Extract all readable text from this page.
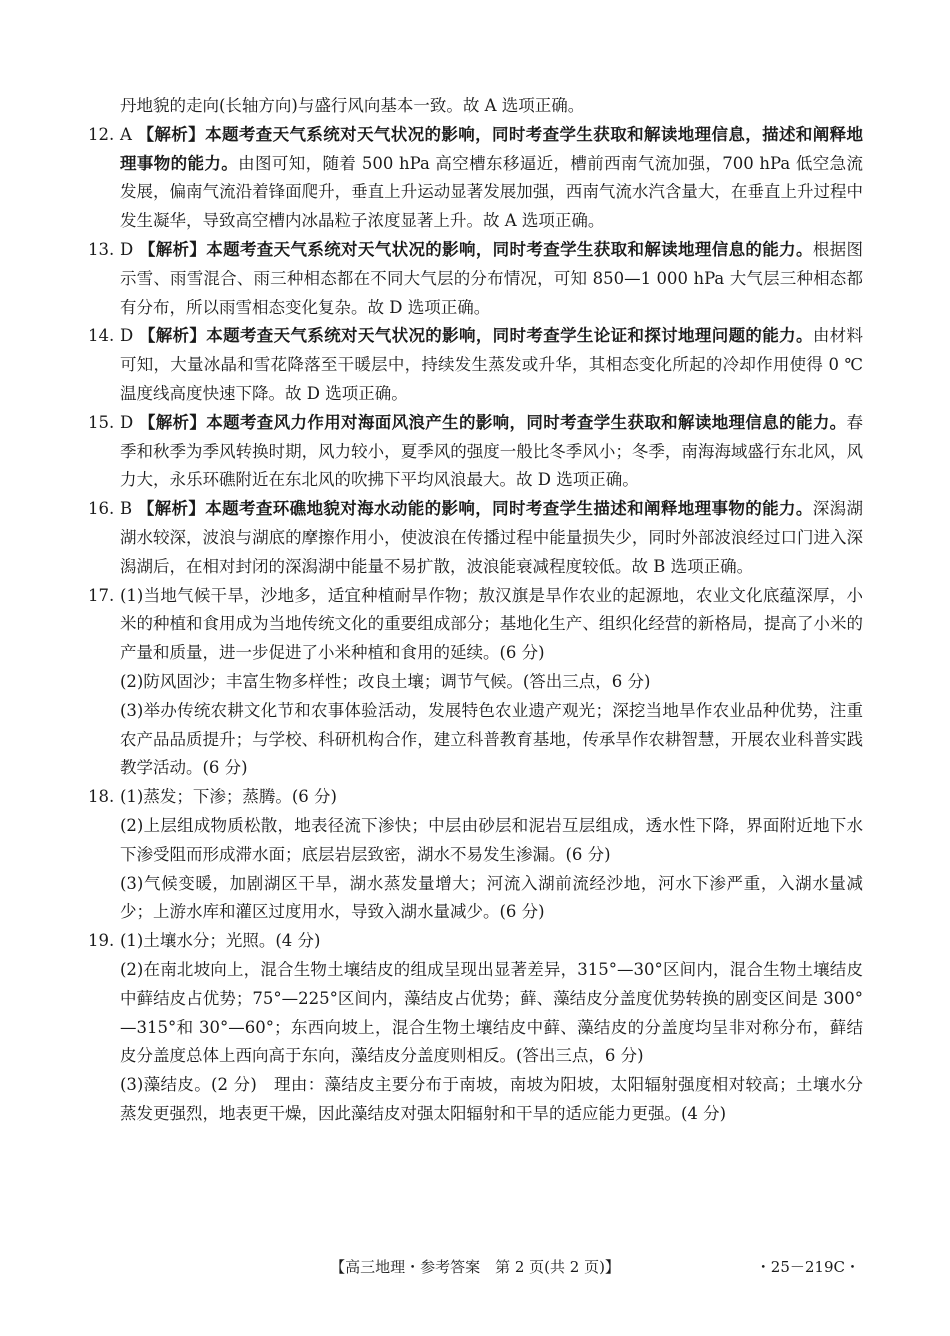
丹地貌的走向(长轴方向)与盛行风向基本一致。故 A 选项正确。
12. A 【解析】本题考查天气系统对天气状况的影响，同时考查学生获取和解读地理信息，描述和阐释地理事物的能力。由图可知，随着 500 hPa 高空槽东移逼近，槽前西南气流加强，700 hPa 低空急流发展，偏南气流沿着锋面爬升，垂直上升运动显著发展加强，西南气流水汽含量大，在垂直上升过程中发生凝华，导致高空槽内冰晶粒子浓度显著上升。故 A 选项正确。
13. D 【解析】本题考查天气系统对天气状况的影响，同时考查学生获取和解读地理信息的能力。根据图示雪、雨雪混合、雨三种相态都在不同大气层的分布情况，可知 850—1 000 hPa 大气层三种相态都有分布，所以雨雪相态变化复杂。故 D 选项正确。
14. D 【解析】本题考查天气系统对天气状况的影响，同时考查学生论证和探讨地理问题的能力。由材料可知，大量冰晶和雪花降落至干暖层中，持续发生蒸发或升华，其相态变化所起的冷却作用使得 0 ℃温度线高度快速下降。故 D 选项正确。
15. D 【解析】本题考查风力作用对海面风浪产生的影响，同时考查学生获取和解读地理信息的能力。春季和秋季为季风转换时期，风力较小，夏季风的强度一般比冬季风小；冬季，南海海域盛行东北风，风力大，永乐环礁附近在东北风的吹拂下平均风浪最大。故 D 选项正确。
16. B 【解析】本题考查环礁地貌对海水动能的影响，同时考查学生描述和阐释地理事物的能力。深潟湖湖水较深，波浪与湖底的摩擦作用小，使波浪在传播过程中能量损失少，同时外部波浪经过口门进入深潟湖后，在相对封闭的深潟湖中能量不易扩散，波浪能衰减程度较低。故 B 选项正确。
17. (1)当地气候干旱，沙地多，适宜种植耐旱作物；敖汉旗是旱作农业的起源地，农业文化底蕴深厚，小米的种植和食用成为当地传统文化的重要组成部分；基地化生产、组织化经营的新格局，提高了小米的产量和质量，进一步促进了小米种植和食用的延续。(6 分)

(2)防风固沙；丰富生物多样性；改良土壤；调节气候。(答出三点，6 分)

(3)举办传统农耕文化节和农事体验活动，发展特色农业遗产观光；深挖当地旱作农业品种优势，注重农产品品质提升；与学校、科研机构合作，建立科普教育基地，传承旱作农耕智慧，开展农业科普实践教学活动。(6 分)

18. (1)蒸发；下渗；蒸腾。(6 分)

(2)上层组成物质松散，地表径流下渗快；中层由砂层和泥岩互层组成，透水性下降，界面附近地下水下渗受阻而形成滞水面；底层岩层致密，湖水不易发生渗漏。(6 分)

(3)气候变暖，加剧湖区干旱，湖水蒸发量增大；河流入湖前流经沙地，河水下渗严重，入湖水量减少；上游水库和灌区过度用水，导致入湖水量减少。(6 分)

19. (1)土壤水分；光照。(4 分)

(2)在南北坡向上，混合生物土壤结皮的组成呈现出显著差异，315°—30°区间内，混合生物土壤结皮中藓结皮占优势；75°—225°区间内，藻结皮占优势；藓、藻结皮分盖度优势转换的剧变区间是 300°—315°和 30°—60°；东西向坡上，混合生物土壤结皮中藓、藻结皮的分盖度均呈非对称分布，藓结皮分盖度总体上西向高于东向，藻结皮分盖度则相反。(答出三点，6 分)

(3)藻结皮。(2 分)　理由：藻结皮主要分布于南坡，南坡为阳坡，太阳辐射强度相对较高；土壤水分蒸发更强烈，地表更干燥，因此藻结皮对强太阳辐射和干旱的适应能力更强。(4 分)

【高三地理・参考答案　第 2 页(共 2 页)】	・25－219C・
